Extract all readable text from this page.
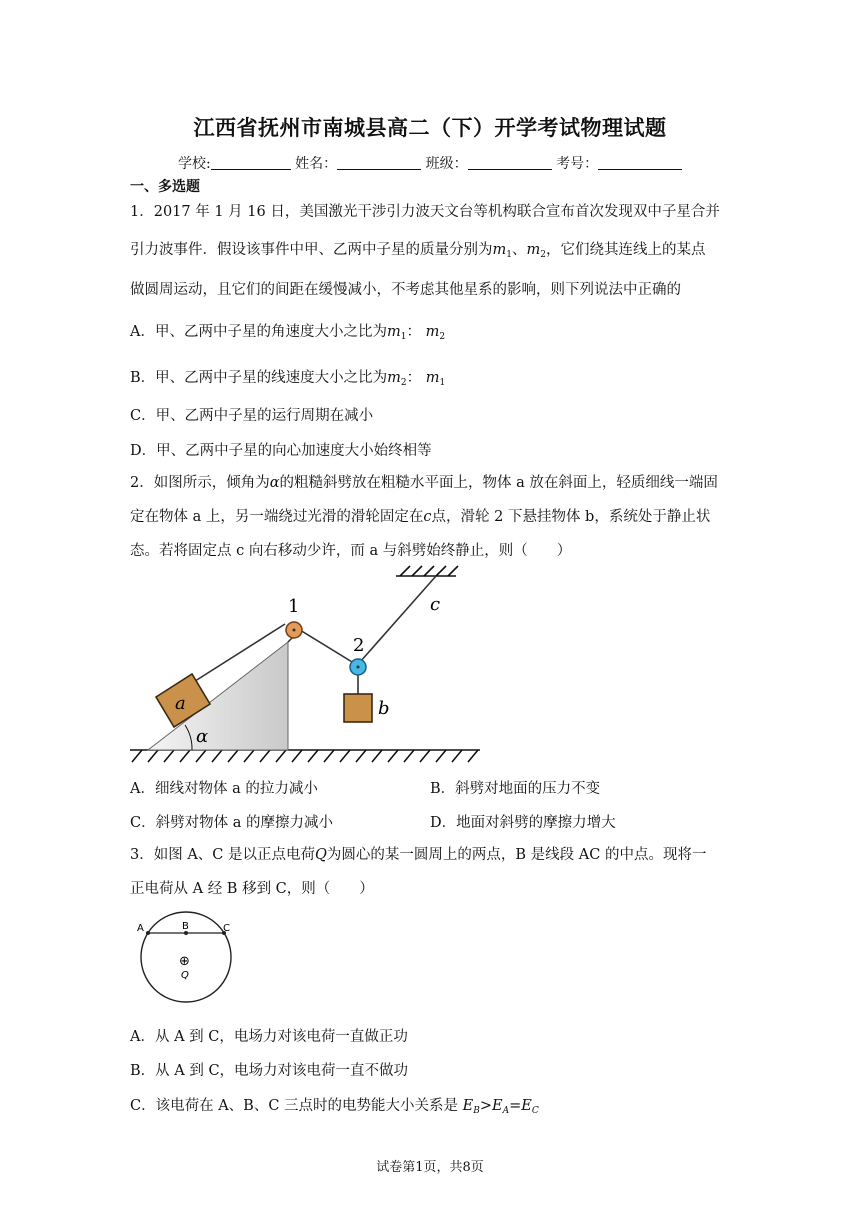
江西省抚州市南城县高二（下）开学考试物理试题
学校:	姓名：	班级：	考号：
一、多选题
1．2017 年 1 月 16 日，美国激光干涉引力波天文台等机构联合宣布首次发现双中子星合并
引力波事件．假设该事件中甲、乙两中子星的质量分别为$m_1$、$m_2$，它们绕其连线上的某点
做圆周运动，且它们的间距在缓慢减小，不考虑其他星系的影响，则下列说法中正确的
A．甲、乙两中子星的角速度大小之比为$m_1$： $m_2$
B．甲、乙两中子星的线速度大小之比为$m_2$： $m_1$
C．甲、乙两中子星的运行周期在减小
D．甲、乙两中子星的向心加速度大小始终相等
2．如图所示，倾角为α的粗糙斜劈放在粗糙水平面上，物体 a 放在斜面上，轻质细线一端固
定在物体 a 上，另一端绕过光滑的滑轮固定在c点，滑轮 2 下悬挂物体 b，系统处于静止状
态。若将固定点 c 向右移动少许，而 a 与斜劈始终静止，则（　　）
α
a
1
2
b
c
A．细线对物体 a 的拉力减小	B．斜劈对地面的压力不变
C．斜劈对物体 a 的摩擦力减小	D．地面对斜劈的摩擦力增大
3．如图 A、C 是以正点电荷Q为圆心的某一圆周上的两点，B 是线段 AC 的中点。现将一
正电荷从 A 经 B 移到 C，则（　　）
A	B	C
⊕
Q
A．从 A 到 C，电场力对该电荷一直做正功
B．从 A 到 C，电场力对该电荷一直不做功
C．该电荷在 A、B、C 三点时的电势能大小关系是 $E_B>E_A=E_C$
试卷第1页，共8页
